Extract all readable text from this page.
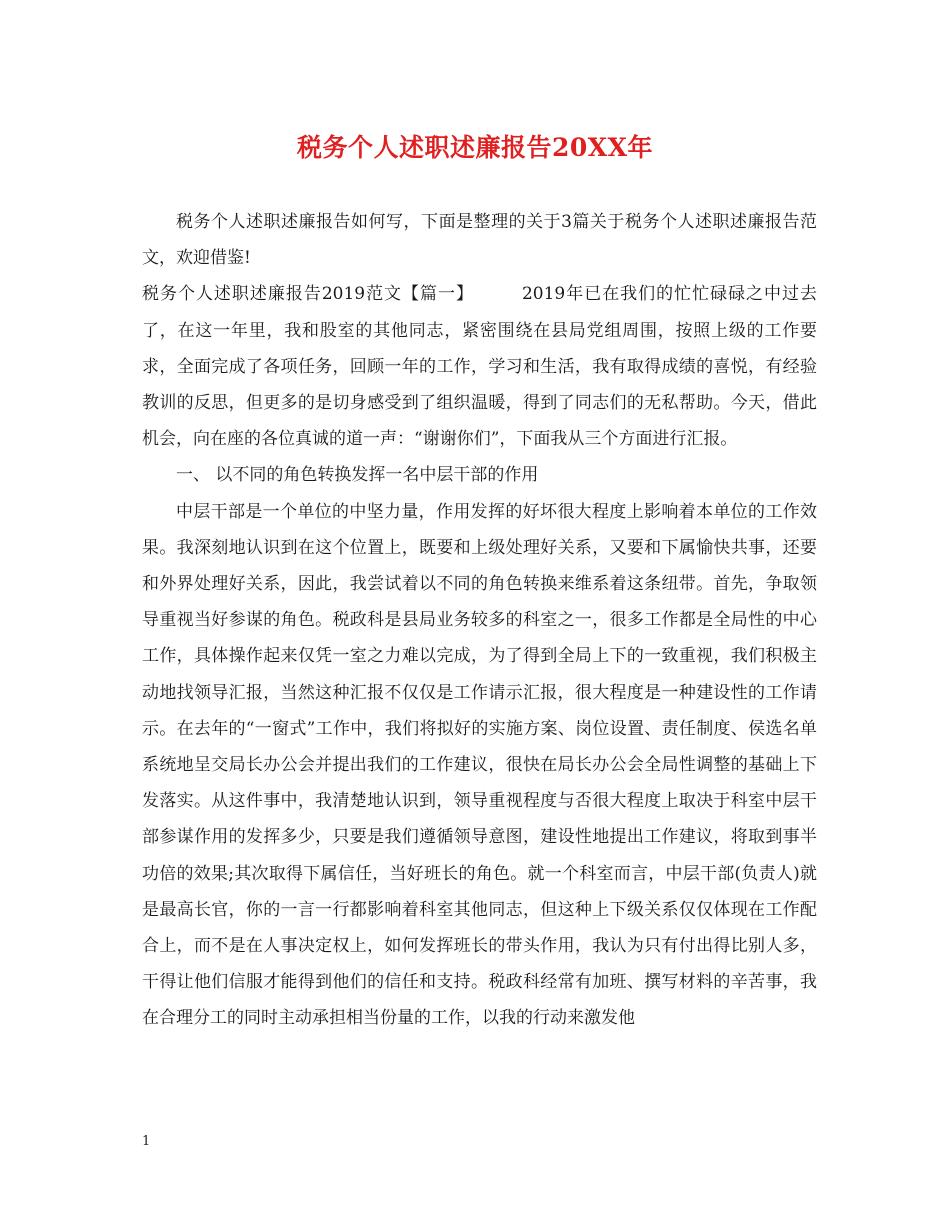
税务个人述职述廉报告20XX年

税务个人述职述廉报告如何写，下面是整理的关于3篇关于税务个人述职述廉报告范文，欢迎借鉴!

税务个人述职述廉报告2019范文【篇一】	2019年已在我们的忙忙碌碌之中过去了，在这一年里，我和股室的其他同志，紧密围绕在县局党组周围，按照上级的工作要求，全面完成了各项任务，回顾一年的工作，学习和生活，我有取得成绩的喜悦，有经验教训的反思，但更多的是切身感受到了组织温暖，得到了同志们的无私帮助。今天，借此机会，向在座的各位真诚的道一声：“谢谢你们”，下面我从三个方面进行汇报。

一、 以不同的角色转换发挥一名中层干部的作用

中层干部是一个单位的中坚力量，作用发挥的好坏很大程度上影响着本单位的工作效果。我深刻地认识到在这个位置上，既要和上级处理好关系，又要和下属愉快共事，还要和外界处理好关系，因此，我尝试着以不同的角色转换来维系着这条纽带。首先，争取领导重视当好参谋的角色。税政科是县局业务较多的科室之一，很多工作都是全局性的中心工作，具体操作起来仅凭一室之力难以完成，为了得到全局上下的一致重视，我们积极主动地找领导汇报，当然这种汇报不仅仅是工作请示汇报，很大程度是一种建设性的工作请示。在去年的“一窗式”工作中，我们将拟好的实施方案、岗位设置、责任制度、侯选名单系统地呈交局长办公会并提出我们的工作建议，很快在局长办公会全局性调整的基础上下发落实。从这件事中，我清楚地认识到，领导重视程度与否很大程度上取决于科室中层干部参谋作用的发挥多少，只要是我们遵循领导意图，建设性地提出工作建议，将取到事半功倍的效果;其次取得下属信任，当好班长的角色。就一个科室而言，中层干部(负责人)就是最高长官，你的一言一行都影响着科室其他同志，但这种上下级关系仅仅体现在工作配合上，而不是在人事决定权上，如何发挥班长的带头作用，我认为只有付出得比别人多，干得让他们信服才能得到他们的信任和支持。税政科经常有加班、撰写材料的辛苦事，我在合理分工的同时主动承担相当份量的工作，以我的行动来激发他

1
